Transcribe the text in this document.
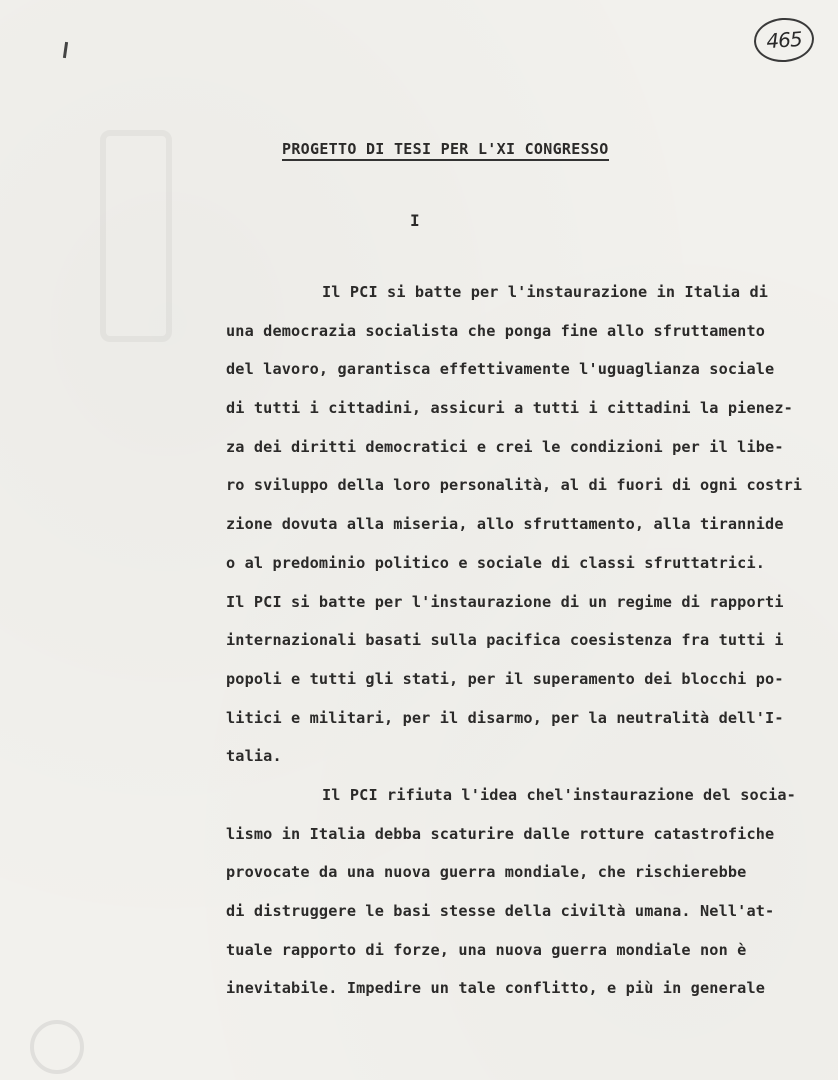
465
PROGETTO DI TESI PER L'XI CONGRESSO
I
Il PCI si batte per l'instaurazione in Italia di
una democrazia socialista che ponga fine allo sfruttamento
del lavoro, garantisca effettivamente l'uguaglianza sociale
di tutti i cittadini, assicuri a tutti i cittadini la pienez-
za dei diritti democratici e crei le condizioni per il libe-
ro sviluppo della loro personalità, al di fuori di ogni costri
zione dovuta alla miseria, allo sfruttamento, alla tirannide
o al predominio politico e sociale di classi sfruttatrici.
Il PCI si batte per l'instaurazione di un regime di rapporti
internazionali basati sulla pacifica coesistenza fra tutti i
popoli e tutti gli stati, per il superamento dei blocchi po-
litici e militari, per il disarmo, per la neutralità dell'I-
talia.
Il PCI rifiuta l'idea chel'instaurazione del socia-
lismo in Italia debba scaturire dalle rotture catastrofiche
provocate da una nuova guerra mondiale, che rischierebbe
di distruggere le basi stesse della civiltà umana. Nell'at-
tuale rapporto di forze, una nuova guerra mondiale non è
inevitabile. Impedire un tale conflitto, e più in generale
